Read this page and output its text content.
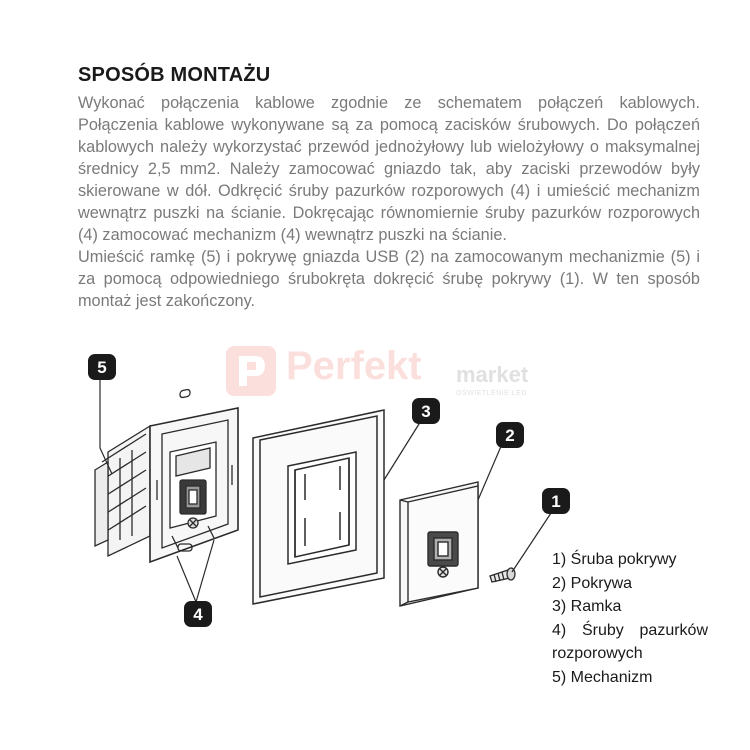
SPOSÓB MONTAŻU

Wykonać połączenia kablowe zgodnie ze schematem połączeń kablowych. Połączenia kablowe wykonywane są za pomocą zacisków śrubowych. Do połączeń kablowych należy wykorzystać przewód jednożyłowy lub wielożyłowy o maksymalnej średnicy 2,5 mm2. Należy zamocować gniazdo tak, aby zaciski przewodów były skierowane w dół. Odkręcić śruby pazurków rozporowych (4) i umieścić mechanizm wewnątrz puszki na ścianie. Dokręcając równomiernie śruby pazurków rozporowych (4) zamocować mechanizm (4) wewnątrz puszki na ścianie.

Umieścić ramkę (5) i pokrywę gniazda USB (2) na zamocowanym mechanizmie (5) i za pomocą odpowiedniego śrubokręta dokręcić śrubę pokrywy (1). W ten sposób montaż jest zakończony.

Perfekt market
OŚWIETLENIE LED
5
4
3
2
1
1) Śruba pokrywy
2) Pokrywa
3) Ramka
4) Śruby pazurków rozporowych
5) Mechanizm
